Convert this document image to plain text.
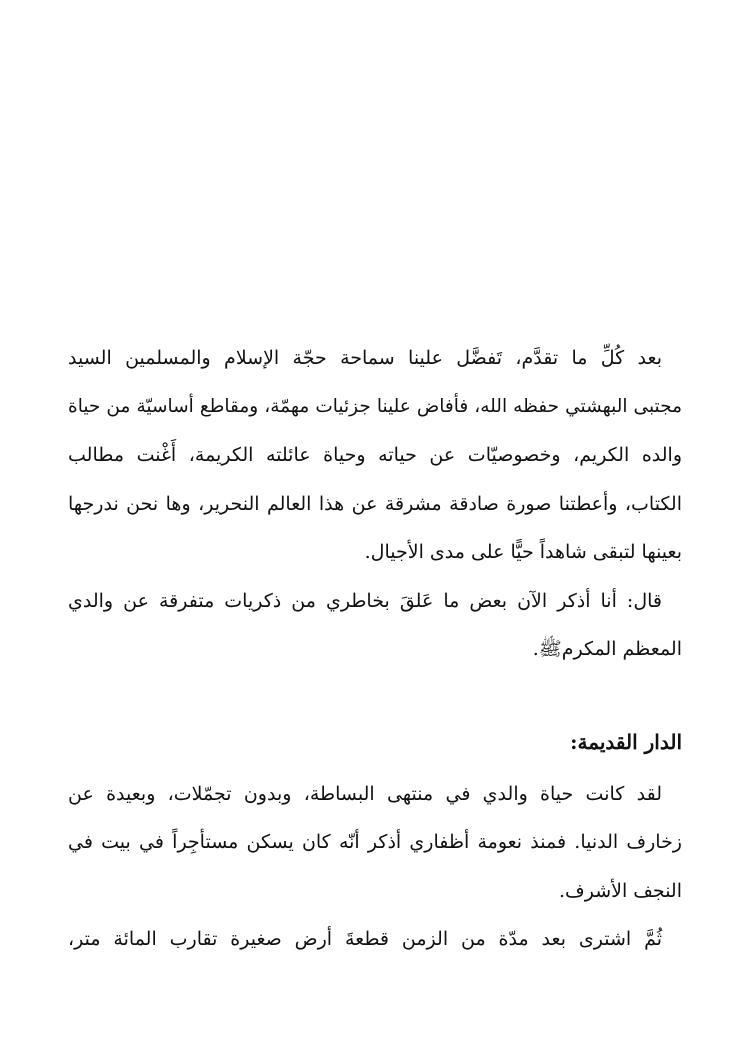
بعد كُلِّ ما تقدَّم، تَفضَّل علينا سماحة حجّة الإسلام والمسلمين السيد
مجتبى البهشتي حفظه الله، فأفاض علينا جزئيات مهمّة، ومقاطع أساسيّة من حياة
والده الكريم، وخصوصيّات عن حياته وحياة عائلته الكريمة، أَغْنت مطالب
الكتاب، وأعطتنا صورة صادقة مشرقة عن هذا العالم النحرير، وها نحن ندرجها
بعينها لتبقى شاهداً حيًّا على مدى الأجيال.
قال: أنا أذكر الآن بعض ما عَلقَ بخاطري من ذكريات متفرقة عن والدي
المعظم المكرمﷺ.
الدار القديمة:
لقد كانت حياة والدي في منتهى البساطة، وبدون تجمّلات، وبعيدة عن
زخارف الدنيا. فمنذ نعومة أظفاري أذكر أنّه كان يسكن مستأجِراً في بيت في
النجف الأشرف.
ثُمَّ اشترى بعد مدّة من الزمن قطعةَ أرض صغيرة تقارب المائة متر،
